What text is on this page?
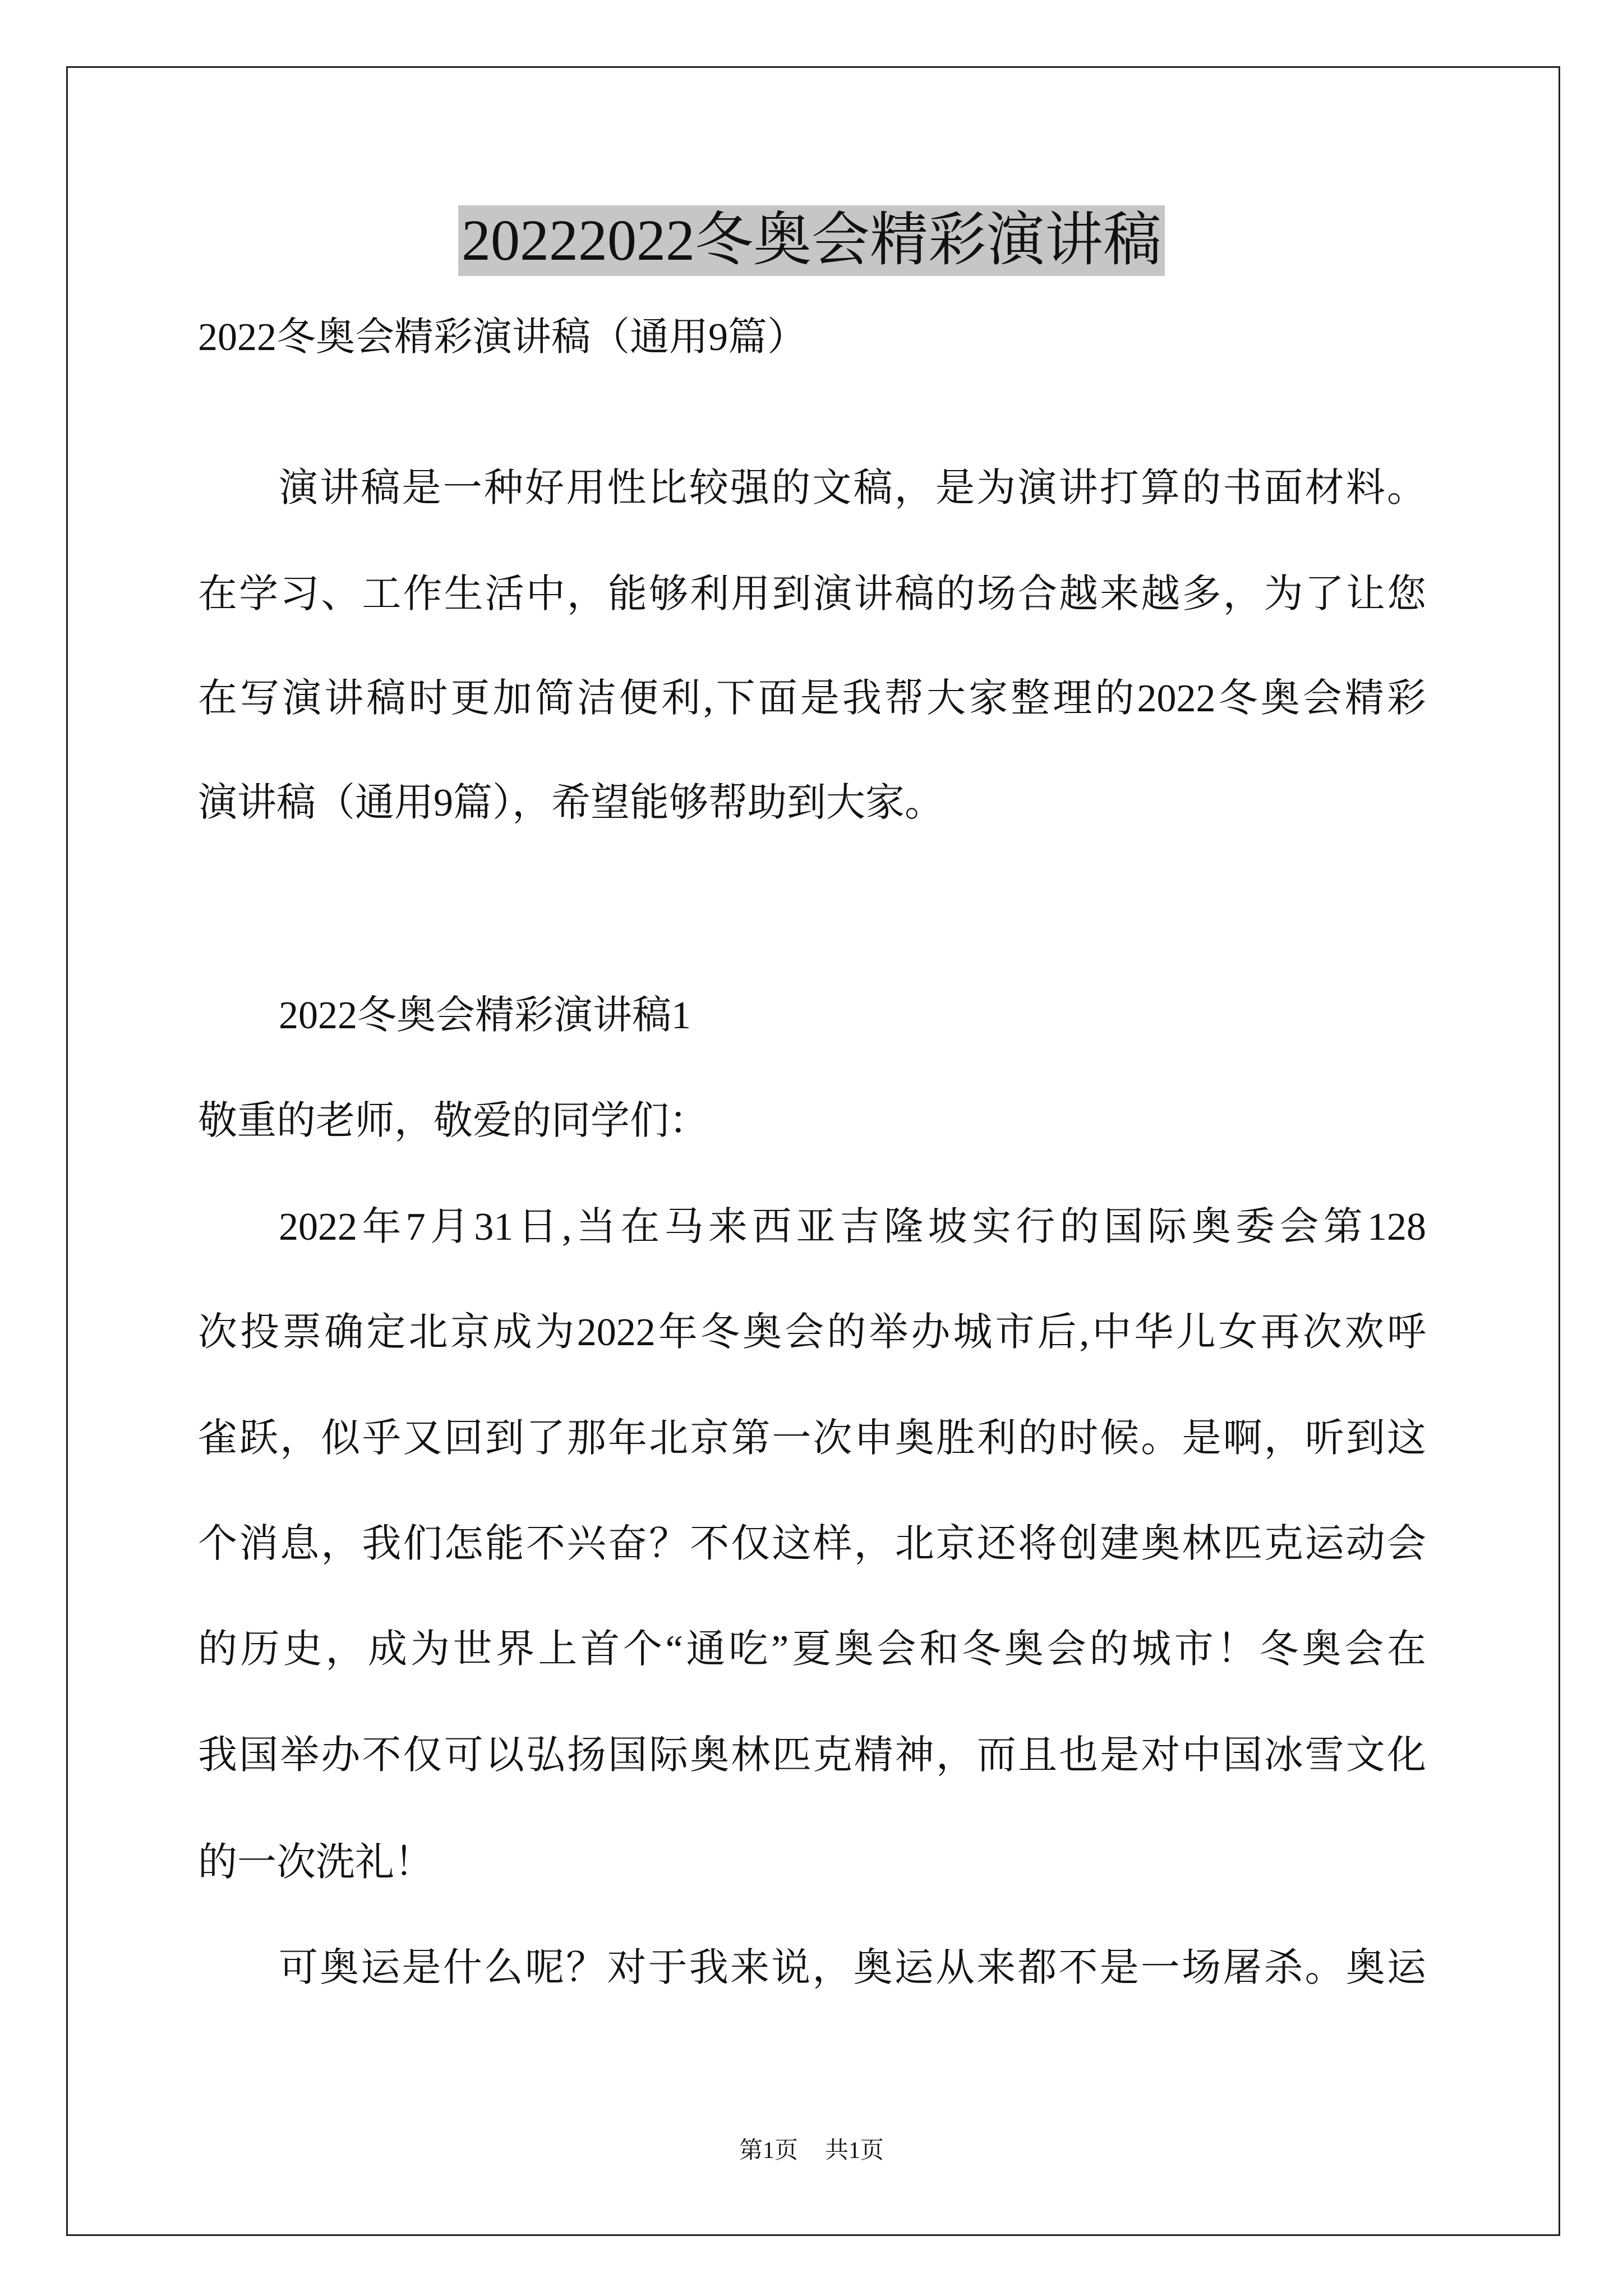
20222022冬奥会精彩演讲稿
2022冬奥会精彩演讲稿（通用9篇）
演讲稿是一种好用性比较强的文稿，是为演讲打算的书面材料。
在学习、工作生活中，能够利用到演讲稿的场合越来越多，为了让您
在写演讲稿时更加简洁便利,下面是我帮大家整理的2022冬奥会精彩
演讲稿（通用9篇），希望能够帮助到大家。
2022冬奥会精彩演讲稿1
敬重的老师，敬爱的同学们：
2022年7月31日,当在马来西亚吉隆坡实行的国际奥委会第128
次投票确定北京成为2022年冬奥会的举办城市后,中华儿女再次欢呼
雀跃，似乎又回到了那年北京第一次申奥胜利的时候。是啊，听到这
个消息，我们怎能不兴奋？不仅这样，北京还将创建奥林匹克运动会
的历史，成为世界上首个“通吃”夏奥会和冬奥会的城市！冬奥会在
我国举办不仅可以弘扬国际奥林匹克精神，而且也是对中国冰雪文化
的一次洗礼！
可奥运是什么呢？对于我来说，奥运从来都不是一场屠杀。奥运
第1页 共1页
